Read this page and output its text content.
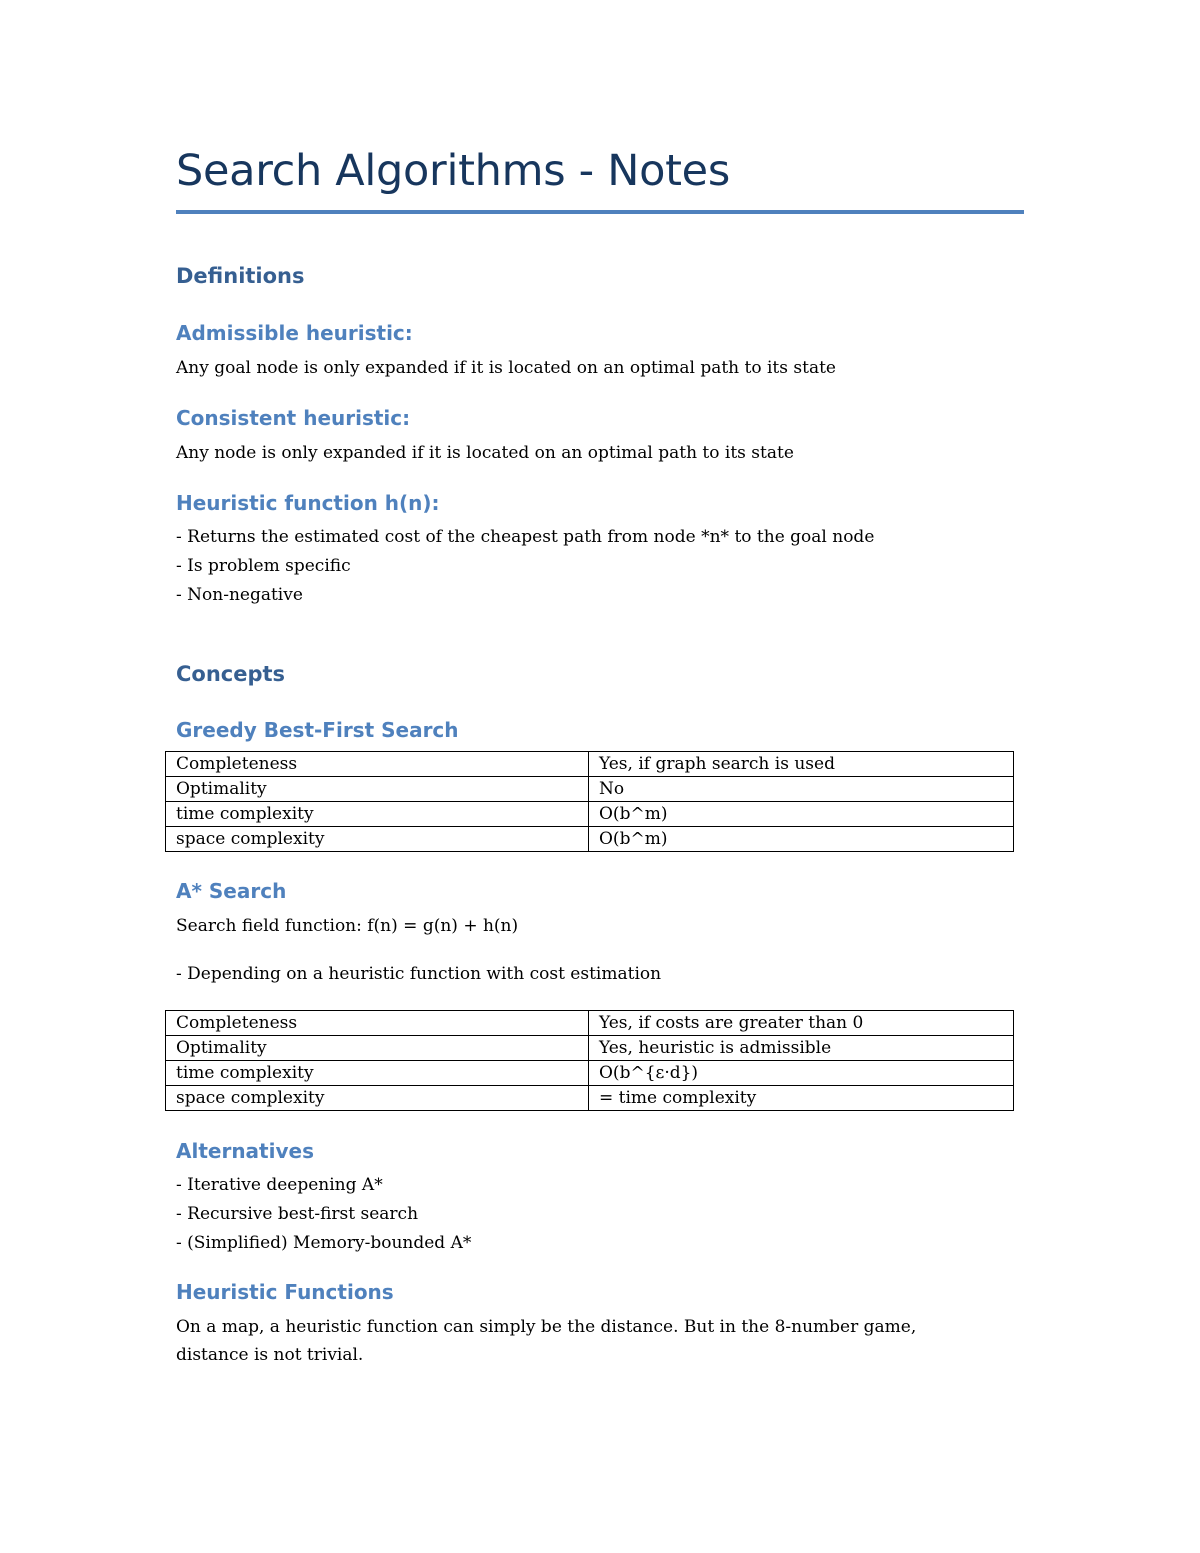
Search Algorithms - Notes
Definitions
Admissible heuristic:
Any goal node is only expanded if it is located on an optimal path to its state
Consistent heuristic:
Any node is only expanded if it is located on an optimal path to its state
Heuristic function h(n):
- Returns the estimated cost of the cheapest path from node *n* to the goal node
- Is problem specific
- Non-negative
Concepts
Greedy Best-First Search
Completeness	Yes, if graph search is used
Optimality	No
time complexity	O(b^m)
space complexity	O(b^m)
A* Search
Search field function: f(n) = g(n) + h(n)
- Depending on a heuristic function with cost estimation
Completeness	Yes, if costs are greater than 0
Optimality	Yes, heuristic is admissible
time complexity	O(b^{ε·d})
space complexity	= time complexity
Alternatives
- Iterative deepening A*
- Recursive best-first search
- (Simplified) Memory-bounded A*
Heuristic Functions
On a map, a heuristic function can simply be the distance. But in the 8-number game, distance is not trivial.
